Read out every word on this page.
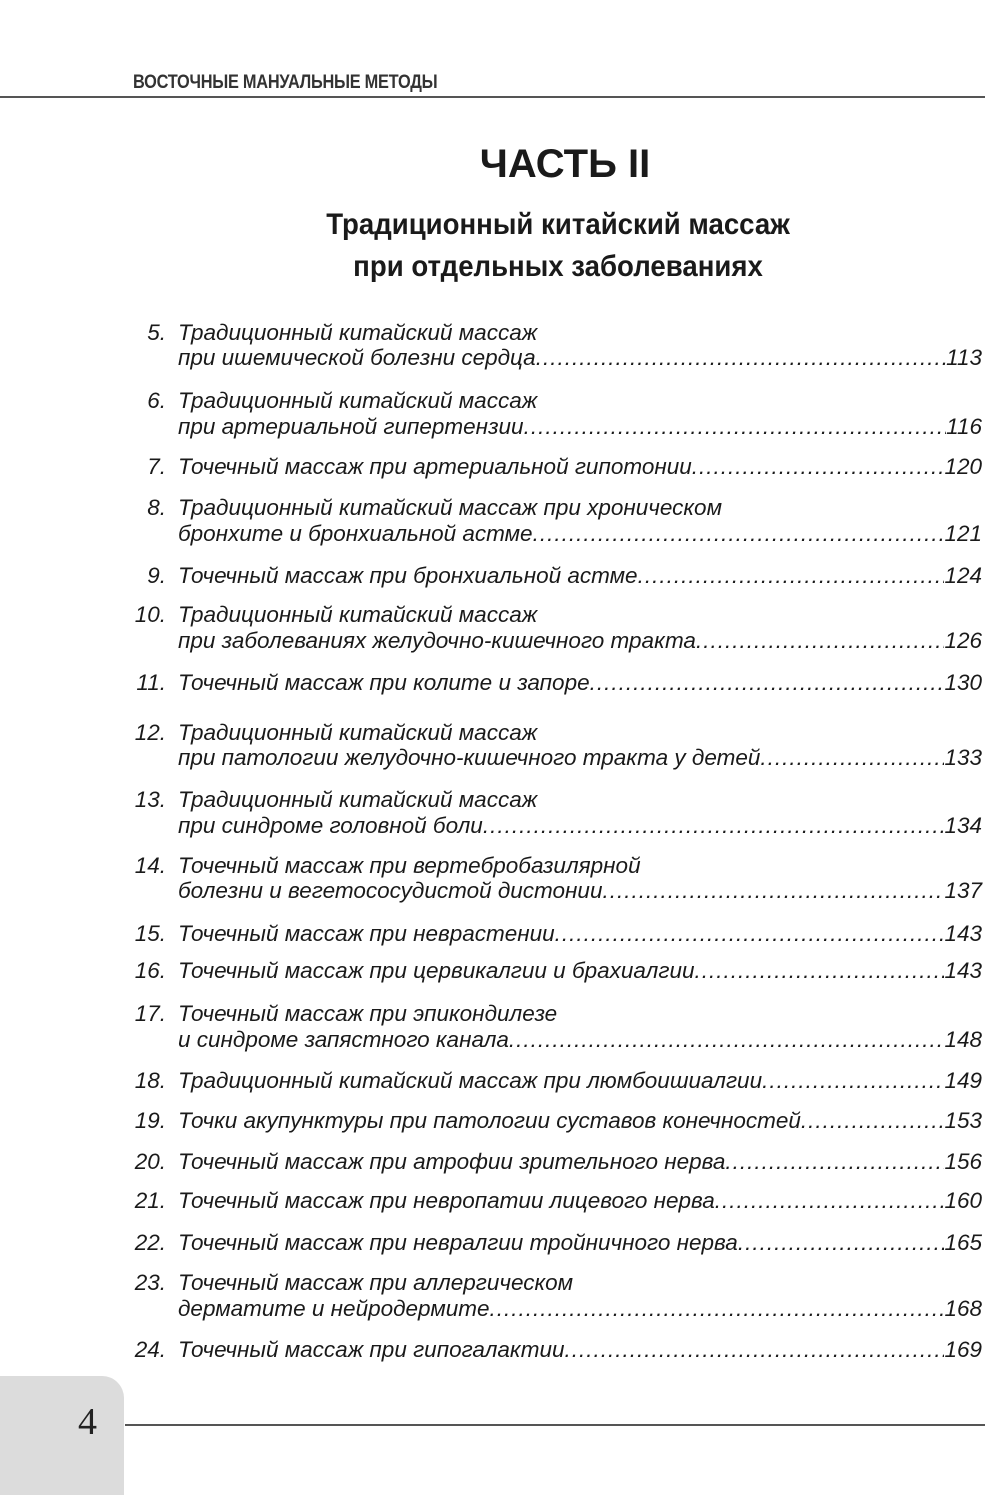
ВОСТОЧНЫЕ МАНУАЛЬНЫЕ МЕТОДЫ
ЧАСТЬ II
Традиционный китайский массаж
при отдельных заболеваниях
5. Традиционный китайский массаж
при ишемической болезни сердца .....	113
6. Традиционный китайский массаж
при артериальной гипертензии .....	116
7. Точечный массаж при артериальной гипотонии .....	120
8. Традиционный китайский массаж при хроническом
бронхите и бронхиальной астме .....	121
9. Точечный массаж при бронхиальной астме .....	124
10. Традиционный китайский массаж
при заболеваниях желудочно-кишечного тракта .....	126
11. Точечный массаж при колите и запоре .....	130
12. Традиционный китайский массаж
при патологии желудочно-кишечного тракта у детей .....	133
13. Традиционный китайский массаж
при синдроме головной боли .....	134
14. Точечный массаж при вертебробазилярной
болезни и вегетососудистой дистонии .....	137
15. Точечный массаж при неврастении .....	143
16. Точечный массаж при цервикалгии и брахиалгии .....	143
17. Точечный массаж при эпикондилезе
и синдроме запястного канала .....	148
18. Традиционный китайский массаж при люмбоишиалгии .....	149
19. Точки акупунктуры при патологии суставов конечностей .....	153
20. Точечный массаж при атрофии зрительного нерва .....	156
21. Точечный массаж при невропатии лицевого нерва .....	160
22. Точечный массаж при невралгии тройничного нерва .....	165
23. Точечный массаж при аллергическом
дерматите и нейродермите .....	168
24. Точечный массаж при гипогалактии .....	169
4
